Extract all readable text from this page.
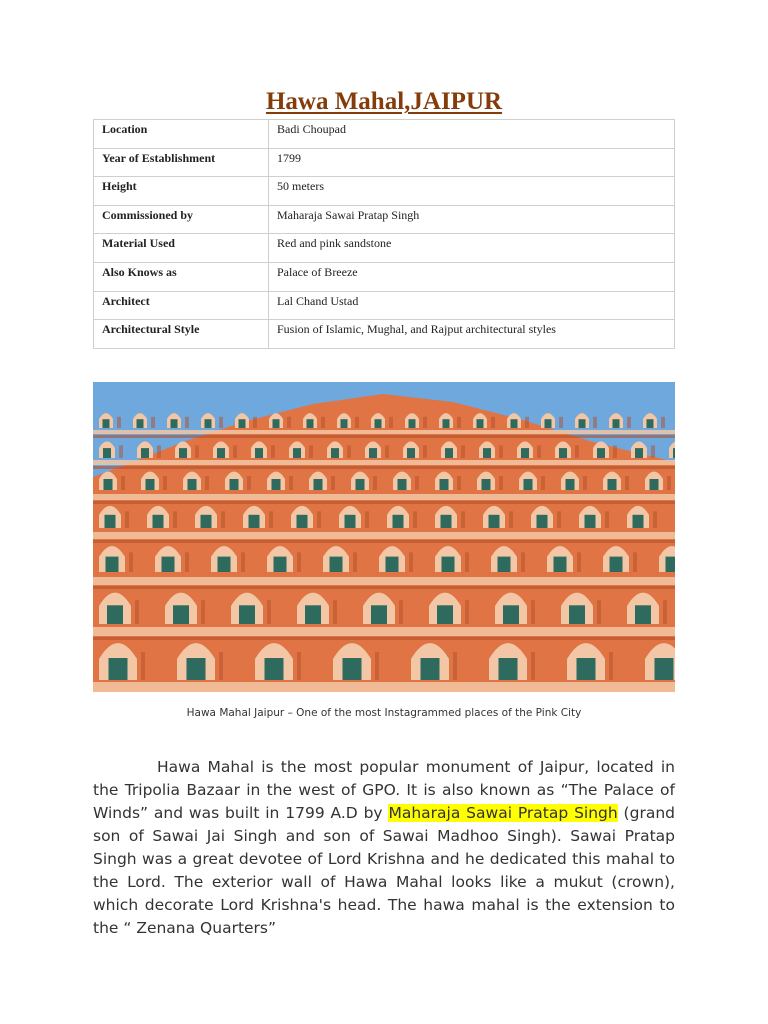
Hawa Mahal,JAIPUR
Location	Badi Choupad
Year of Establishment	1799
Height	50 meters
Commissioned by	Maharaja Sawai Pratap Singh
Material Used	Red and pink sandstone
Also Knows as	Palace of Breeze
Architect	Lal Chand Ustad
Architectural Style	Fusion of Islamic, Mughal, and Rajput architectural styles
Hawa Mahal Jaipur – One of the most Instagrammed places of the Pink City

Hawa Mahal is the most popular monument of Jaipur, located in the Tripolia Bazaar in the west of GPO. It is also known as “The Palace of Winds” and was built in 1799 A.D by Maharaja Sawai Pratap Singh (grand son of Sawai Jai Singh and son of Sawai Madhoo Singh). Sawai Pratap Singh was a great devotee of Lord Krishna and he dedicated this mahal to the Lord. The exterior wall of Hawa Mahal looks like a mukut (crown), which decorate Lord Krishna's head. The hawa mahal is the extension to the “ Zenana Quarters”
